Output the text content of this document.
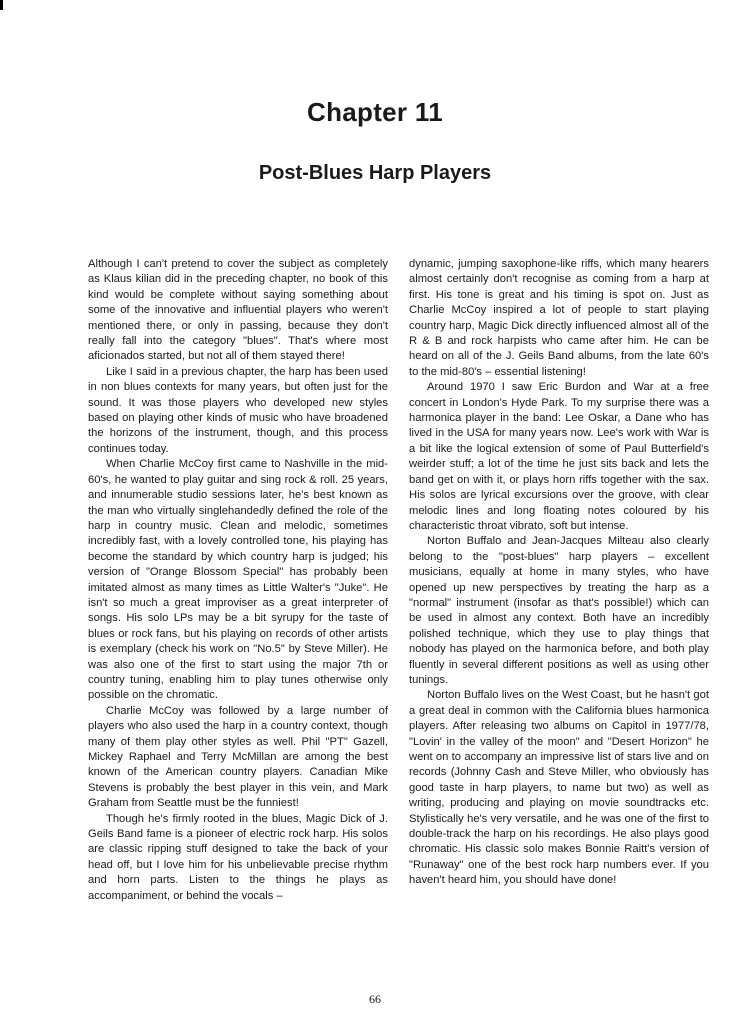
Chapter 11
Post-Blues Harp Players

Although I can't pretend to cover the subject as completely as Klaus kilian did in the preceding chapter, no book of this kind would be complete without saying something about some of the innovative and influential players who weren't mentioned there, or only in passing, because they don't really fall into the category "blues". That's where most aficionados started, but not all of them stayed there!

Like I said in a previous chapter, the harp has been used in non blues contexts for many years, but often just for the sound. It was those players who developed new styles based on playing other kinds of music who have broadened the horizons of the instrument, though, and this process continues today.

When Charlie McCoy first came to Nashville in the mid-60's, he wanted to play guitar and sing rock & roll. 25 years, and innumerable studio sessions later, he's best known as the man who virtually singlehandedly defined the role of the harp in country music. Clean and melodic, sometimes incredibly fast, with a lovely controlled tone, his playing has become the standard by which country harp is judged; his version of "Orange Blossom Special" has probably been imitated almost as many times as Little Walter's "Juke". He isn't so much a great improviser as a great interpreter of songs. His solo LPs may be a bit syrupy for the taste of blues or rock fans, but his playing on records of other artists is exemplary (check his work on "No.5" by Steve Miller). He was also one of the first to start using the major 7th or country tuning, enabling him to play tunes otherwise only possible on the chromatic.

Charlie McCoy was followed by a large number of players who also used the harp in a country context, though many of them play other styles as well. Phil "PT" Gazell, Mickey Raphael and Terry McMillan are among the best known of the American country players. Canadian Mike Stevens is probably the best player in this vein, and Mark Graham from Seattle must be the funniest!

Though he's firmly rooted in the blues, Magic Dick of J. Geils Band fame is a pioneer of electric rock harp. His solos are classic ripping stuff designed to take the back of your head off, but I love him for his unbelievable precise rhythm and horn parts. Listen to the things he plays as accompaniment, or behind the vocals –

dynamic, jumping saxophone-like riffs, which many hearers almost certainly don't recognise as coming from a harp at first. His tone is great and his timing is spot on. Just as Charlie McCoy inspired a lot of people to start playing country harp, Magic Dick directly influenced almost all of the R & B and rock harpists who came after him. He can be heard on all of the J. Geils Band albums, from the late 60's to the mid-80's – essential listening!

Around 1970 I saw Eric Burdon and War at a free concert in London's Hyde Park. To my surprise there was a harmonica player in the band: Lee Oskar, a Dane who has lived in the USA for many years now. Lee's work with War is a bit like the logical extension of some of Paul Butterfield's weirder stuff; a lot of the time he just sits back and lets the band get on with it, or plays horn riffs together with the sax. His solos are lyrical excursions over the groove, with clear melodic lines and long floating notes coloured by his characteristic throat vibrato, soft but intense.

Norton Buffalo and Jean-Jacques Milteau also clearly belong to the "post-blues" harp players – excellent musicians, equally at home in many styles, who have opened up new perspectives by treating the harp as a "normal" instrument (insofar as that's possible!) which can be used in almost any context. Both have an incredibly polished technique, which they use to play things that nobody has played on the harmonica before, and both play fluently in several different positions as well as using other tunings.

Norton Buffalo lives on the West Coast, but he hasn't got a great deal in common with the California blues harmonica players. After releasing two albums on Capitol in 1977/78, "Lovin' in the valley of the moon" and "Desert Horizon" he went on to accompany an impressive list of stars live and on records (Johnny Cash and Steve Miller, who obviously has good taste in harp players, to name but two) as well as writing, producing and playing on movie soundtracks etc. Stylistically he's very versatile, and he was one of the first to double-track the harp on his recordings. He also plays good chromatic. His classic solo makes Bonnie Raitt's version of "Runaway" one of the best rock harp numbers ever. If you haven't heard him, you should have done!

66
